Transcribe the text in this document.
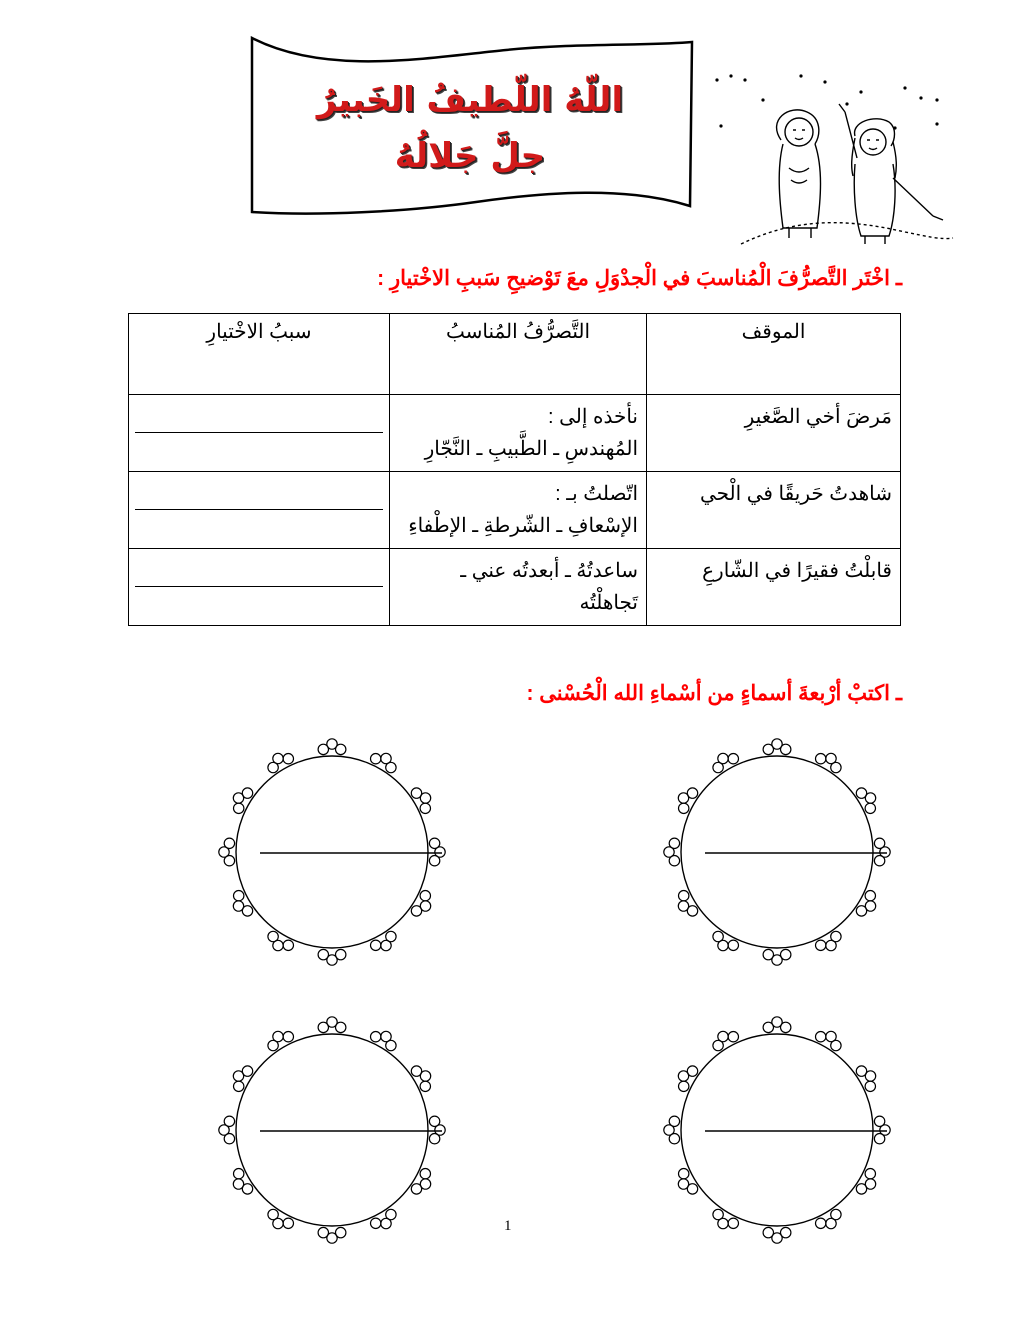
اللّهُ اللّطيفُ الخَبيرُ
جلَّ جَلالُهُ
ـ اخْتَر التَّصرُّفَ الْمُناسبَ في الْجدْوَلِ معَ تَوْضيحِ سَببِ الاخْتيارِ :
الموقف	التَّصرُّفُ المُناسبُ	سببُ الاخْتيارِ
مَرضَ أخي الصَّغيرِ	نأخذه إلى :
المُهندسِ ـ الطَّبيبِ ـ النَّجّارِ	

شاهدتُ حَريقًا في الْحي	اتّصلتُ بـ :
الإسْعافِ ـ الشّرطةِ ـ الإطْفاءِ	

قابلْتُ فقيرًا في الشّارعِ	ساعدتُهُ ـ أبعدتُه عني ـ
تَجاهلْتُه	

ـ اكتبْ أرْبعةَ أسماءٍ من أسْماءِ الله الْحُسْنى :
1
